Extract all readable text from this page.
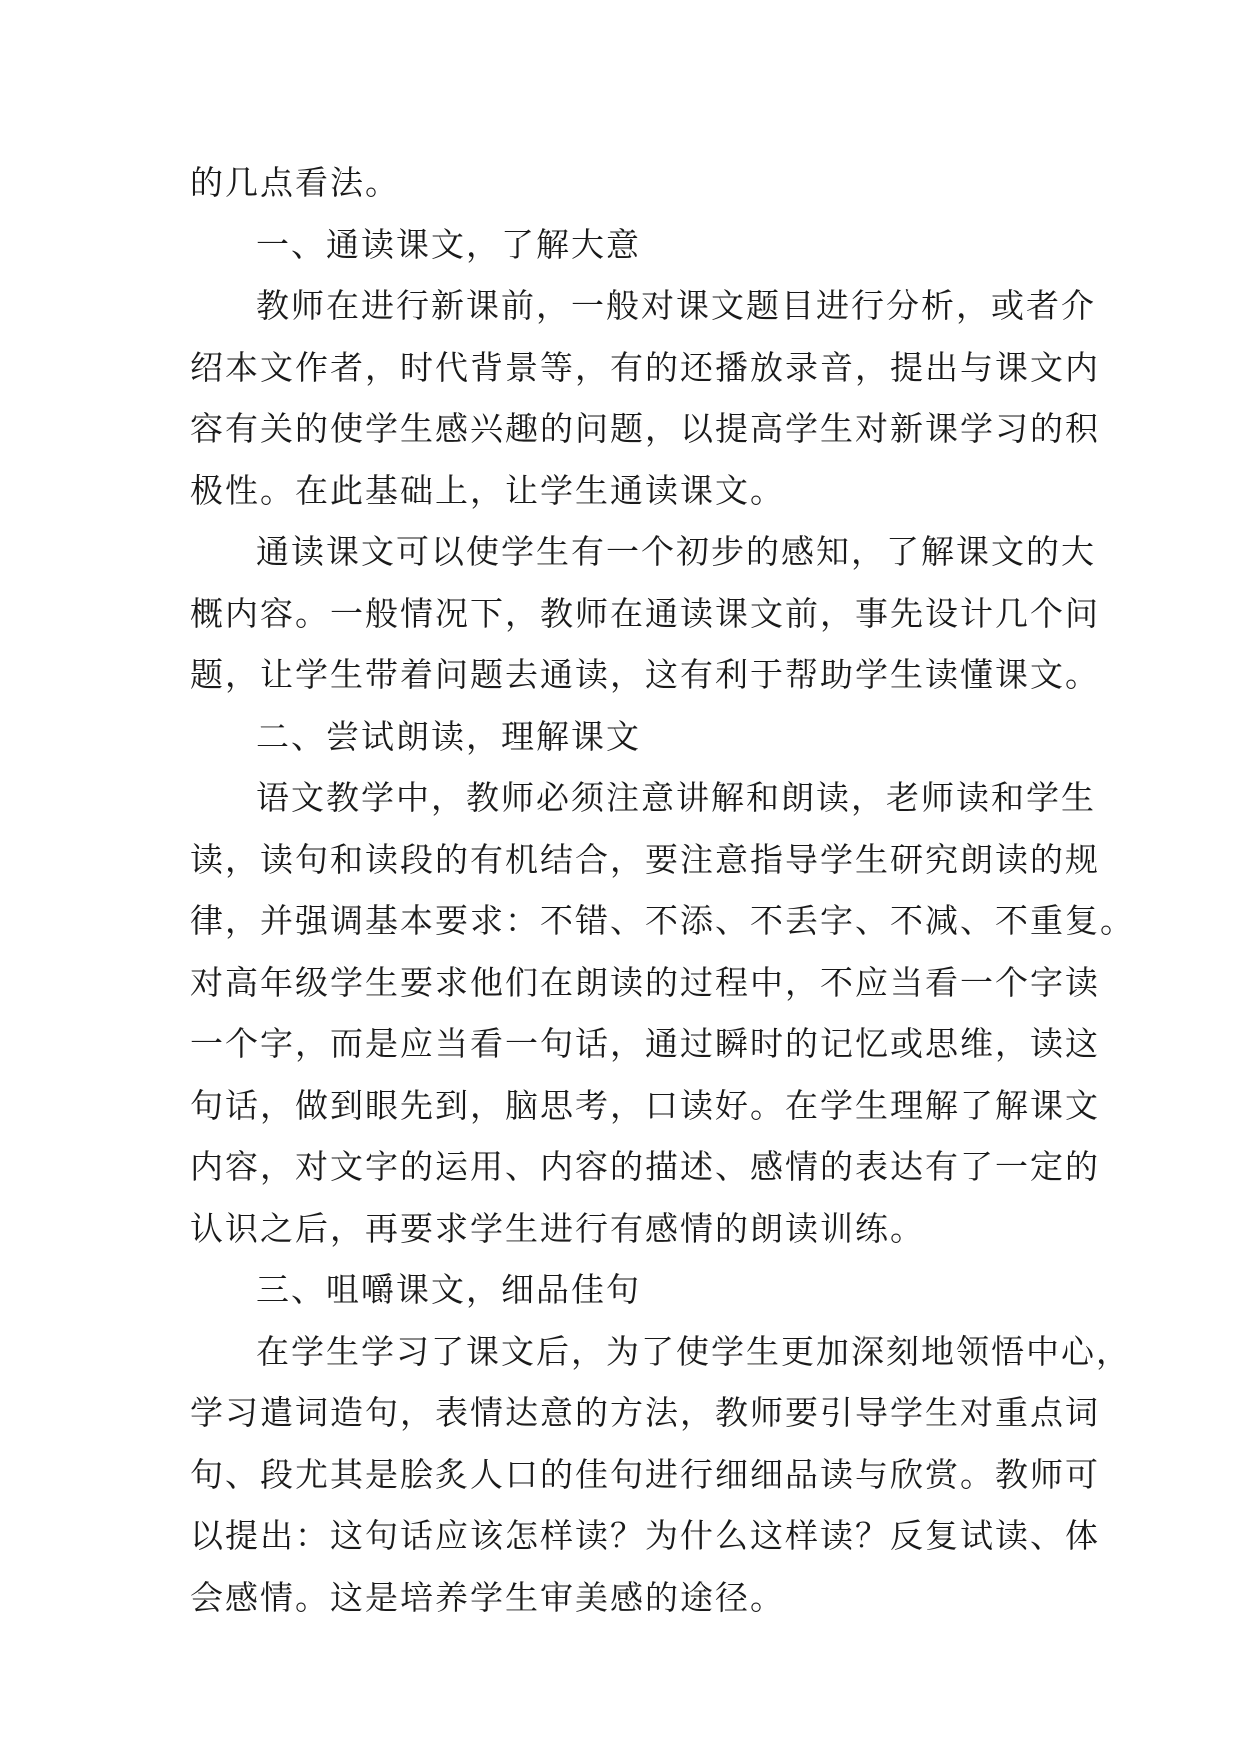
的几点看法。
一、通读课文，了解大意
教师在进行新课前，一般对课文题目进行分析，或者介
绍本文作者，时代背景等，有的还播放录音，提出与课文内
容有关的使学生感兴趣的问题，以提高学生对新课学习的积
极性。在此基础上，让学生通读课文。
通读课文可以使学生有一个初步的感知，了解课文的大
概内容。一般情况下，教师在通读课文前，事先设计几个问
题，让学生带着问题去通读，这有利于帮助学生读懂课文。
二、尝试朗读，理解课文
语文教学中，教师必须注意讲解和朗读，老师读和学生
读，读句和读段的有机结合，要注意指导学生研究朗读的规
律，并强调基本要求：不错、不添、不丢字、不减、不重复。
对高年级学生要求他们在朗读的过程中，不应当看一个字读
一个字，而是应当看一句话，通过瞬时的记忆或思维，读这
句话，做到眼先到，脑思考，口读好。在学生理解了解课文
内容，对文字的运用、内容的描述、感情的表达有了一定的
认识之后，再要求学生进行有感情的朗读训练。
三、咀嚼课文，细品佳句
在学生学习了课文后，为了使学生更加深刻地领悟中心，
学习遣词造句，表情达意的方法，教师要引导学生对重点词
句、段尤其是脍炙人口的佳句进行细细品读与欣赏。教师可
以提出：这句话应该怎样读？为什么这样读？反复试读、体
会感情。这是培养学生审美感的途径。
